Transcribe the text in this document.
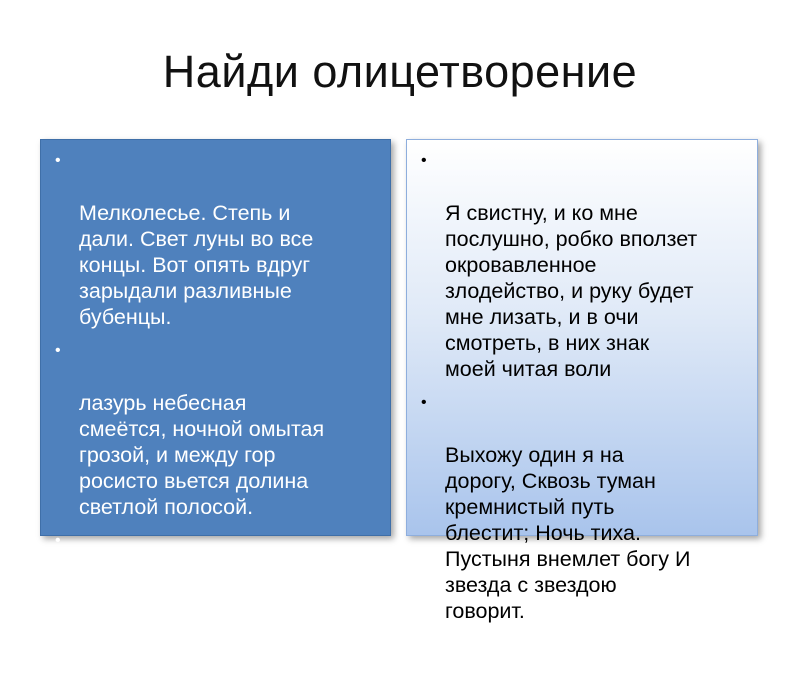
Найди олицетворение

•

Мелколесье. Степь и
дали. Свет луны во все
концы. Вот опять вдруг
зарыдали разливные
бубенцы.

•

лазурь небесная
смеётся, ночной омытая
грозой, и между гор
росисто вьется долина
светлой полосой.

•

Утешится безмолвная
печаль,
И
резвая задумается радо

•

Я свистну, и ко мне
послушно, робко вползет
окровавленное
злодейство, и руку будет
мне лизать, и в очи
смотреть, в них знак
моей читая воли

•

Выхожу один я на
дорогу, Сквозь туман
кремнистый путь
блестит; Ночь тиха.
Пустыня внемлет богу И
звезда с звездою
говорит.
